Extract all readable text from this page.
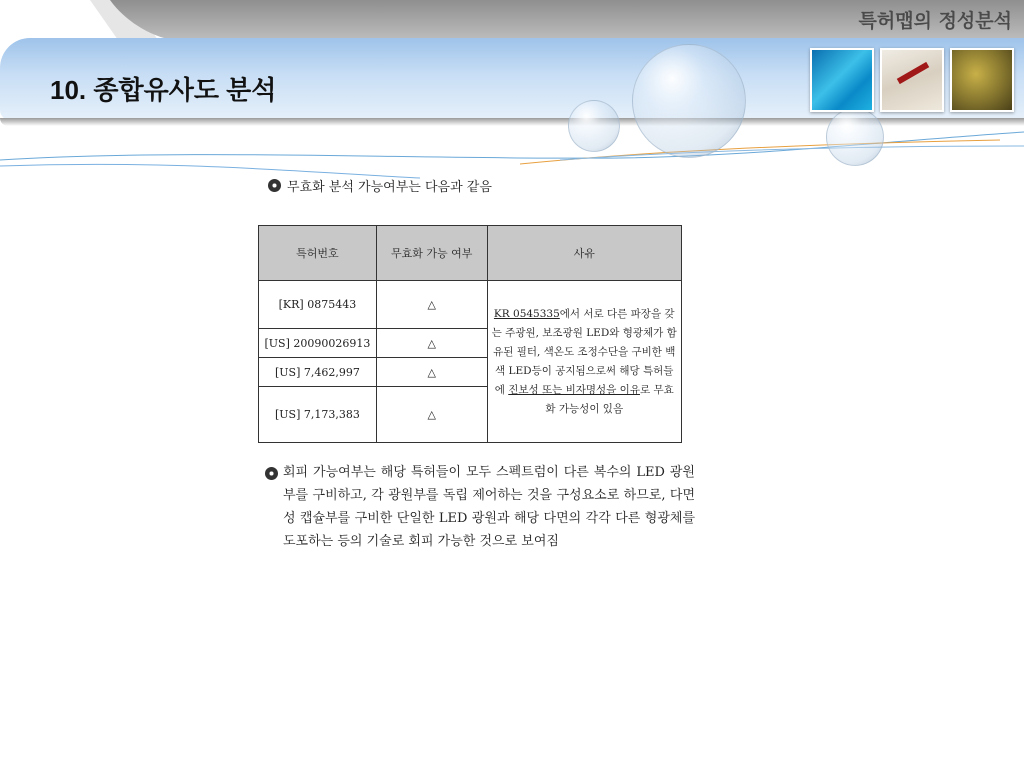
특허맵의 정성분석
10. 종합유사도 분석
무효화 분석 가능여부는 다음과 같음
특허번호	무효화 가능 여부	사유
[KR] 0875443	△	KR 0545335에서 서로 다른 파장을 갖는 주광원, 보조광원 LED와 형광체가 함유된 필터, 색온도 조정수단을 구비한 백색 LED등이 공지됨으로써 해당 특허들에 진보성 또는 비자명성을 이유로 무효화 가능성이 있음
[US] 20090026913	△	
[US] 7,462,997	△	
[US] 7,173,383	△	
회피 가능여부는 해당 특허들이 모두 스펙트럼이 다른 복수의 LED 광원부를 구비하고, 각 광원부를 독립 제어하는 것을 구성요소로 하므로, 다면성 캡슐부를 구비한 단일한 LED 광원과 해당 다면의 각각 다른 형광체를 도포하는 등의 기술로 회피 가능한 것으로 보여짐
